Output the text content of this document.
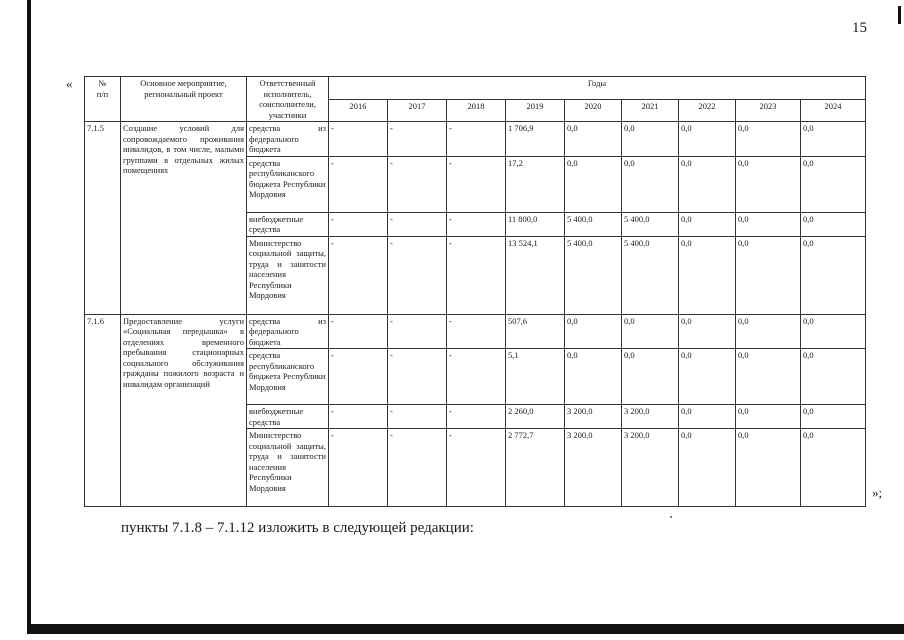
15
«	№
п/п	Основное мероприятие, региональный проект	Ответственный исполнитель, соисполнители, участники	Годы								
			2016	2017	2018	2019	2020	2021	2022	2023	2024
7.1.5	Создание условий для сопровождаемого проживания инвалидов, в том числе, малыми группами в отдельных жилых помещениях	средства из федерального бюджета	-	-	-	1 706,9	0,0	0,0	0,0	0,0	0,0
		средства республиканского бюджета Республики Мордовия	-	-	-	17,2	0,0	0,0	0,0	0,0	0,0
		внебюджетные средства	-	-	-	11 800,0	5 400,0	5 400,0	0,0	0,0	0,0
		Министерство социальной защиты, труда и занятости населения Республики Мордовия	-	-	-	13 524,1	5 400,0	5 400,0	0,0	0,0	0,0
7.1.6	Предоставление услуги «Социальная передышка» в отделениях временного пребывания стационарных социального обслуживания гражданы пожилого возраста и инвалидам организаций	средства из федерального бюджета	-	-	-	507,6	0,0	0,0	0,0	0,0	0,0
		средства республиканского бюджета Республики Мордовия	-	-	-	5,1	0,0	0,0	0,0	0,0	0,0
		внебюджетные средства	-	-	-	2 260,0	3 200,0	3 200,0	0,0	0,0	0,0
		Министерство социальной защиты, труда и занятости населения Республики Мордовия	-	-	-	2 772,7	3 200,0	3 200,0	0,0	0,0	0,0
»;
пункты 7.1.8 – 7.1.12 изложить в следующей редакции:
